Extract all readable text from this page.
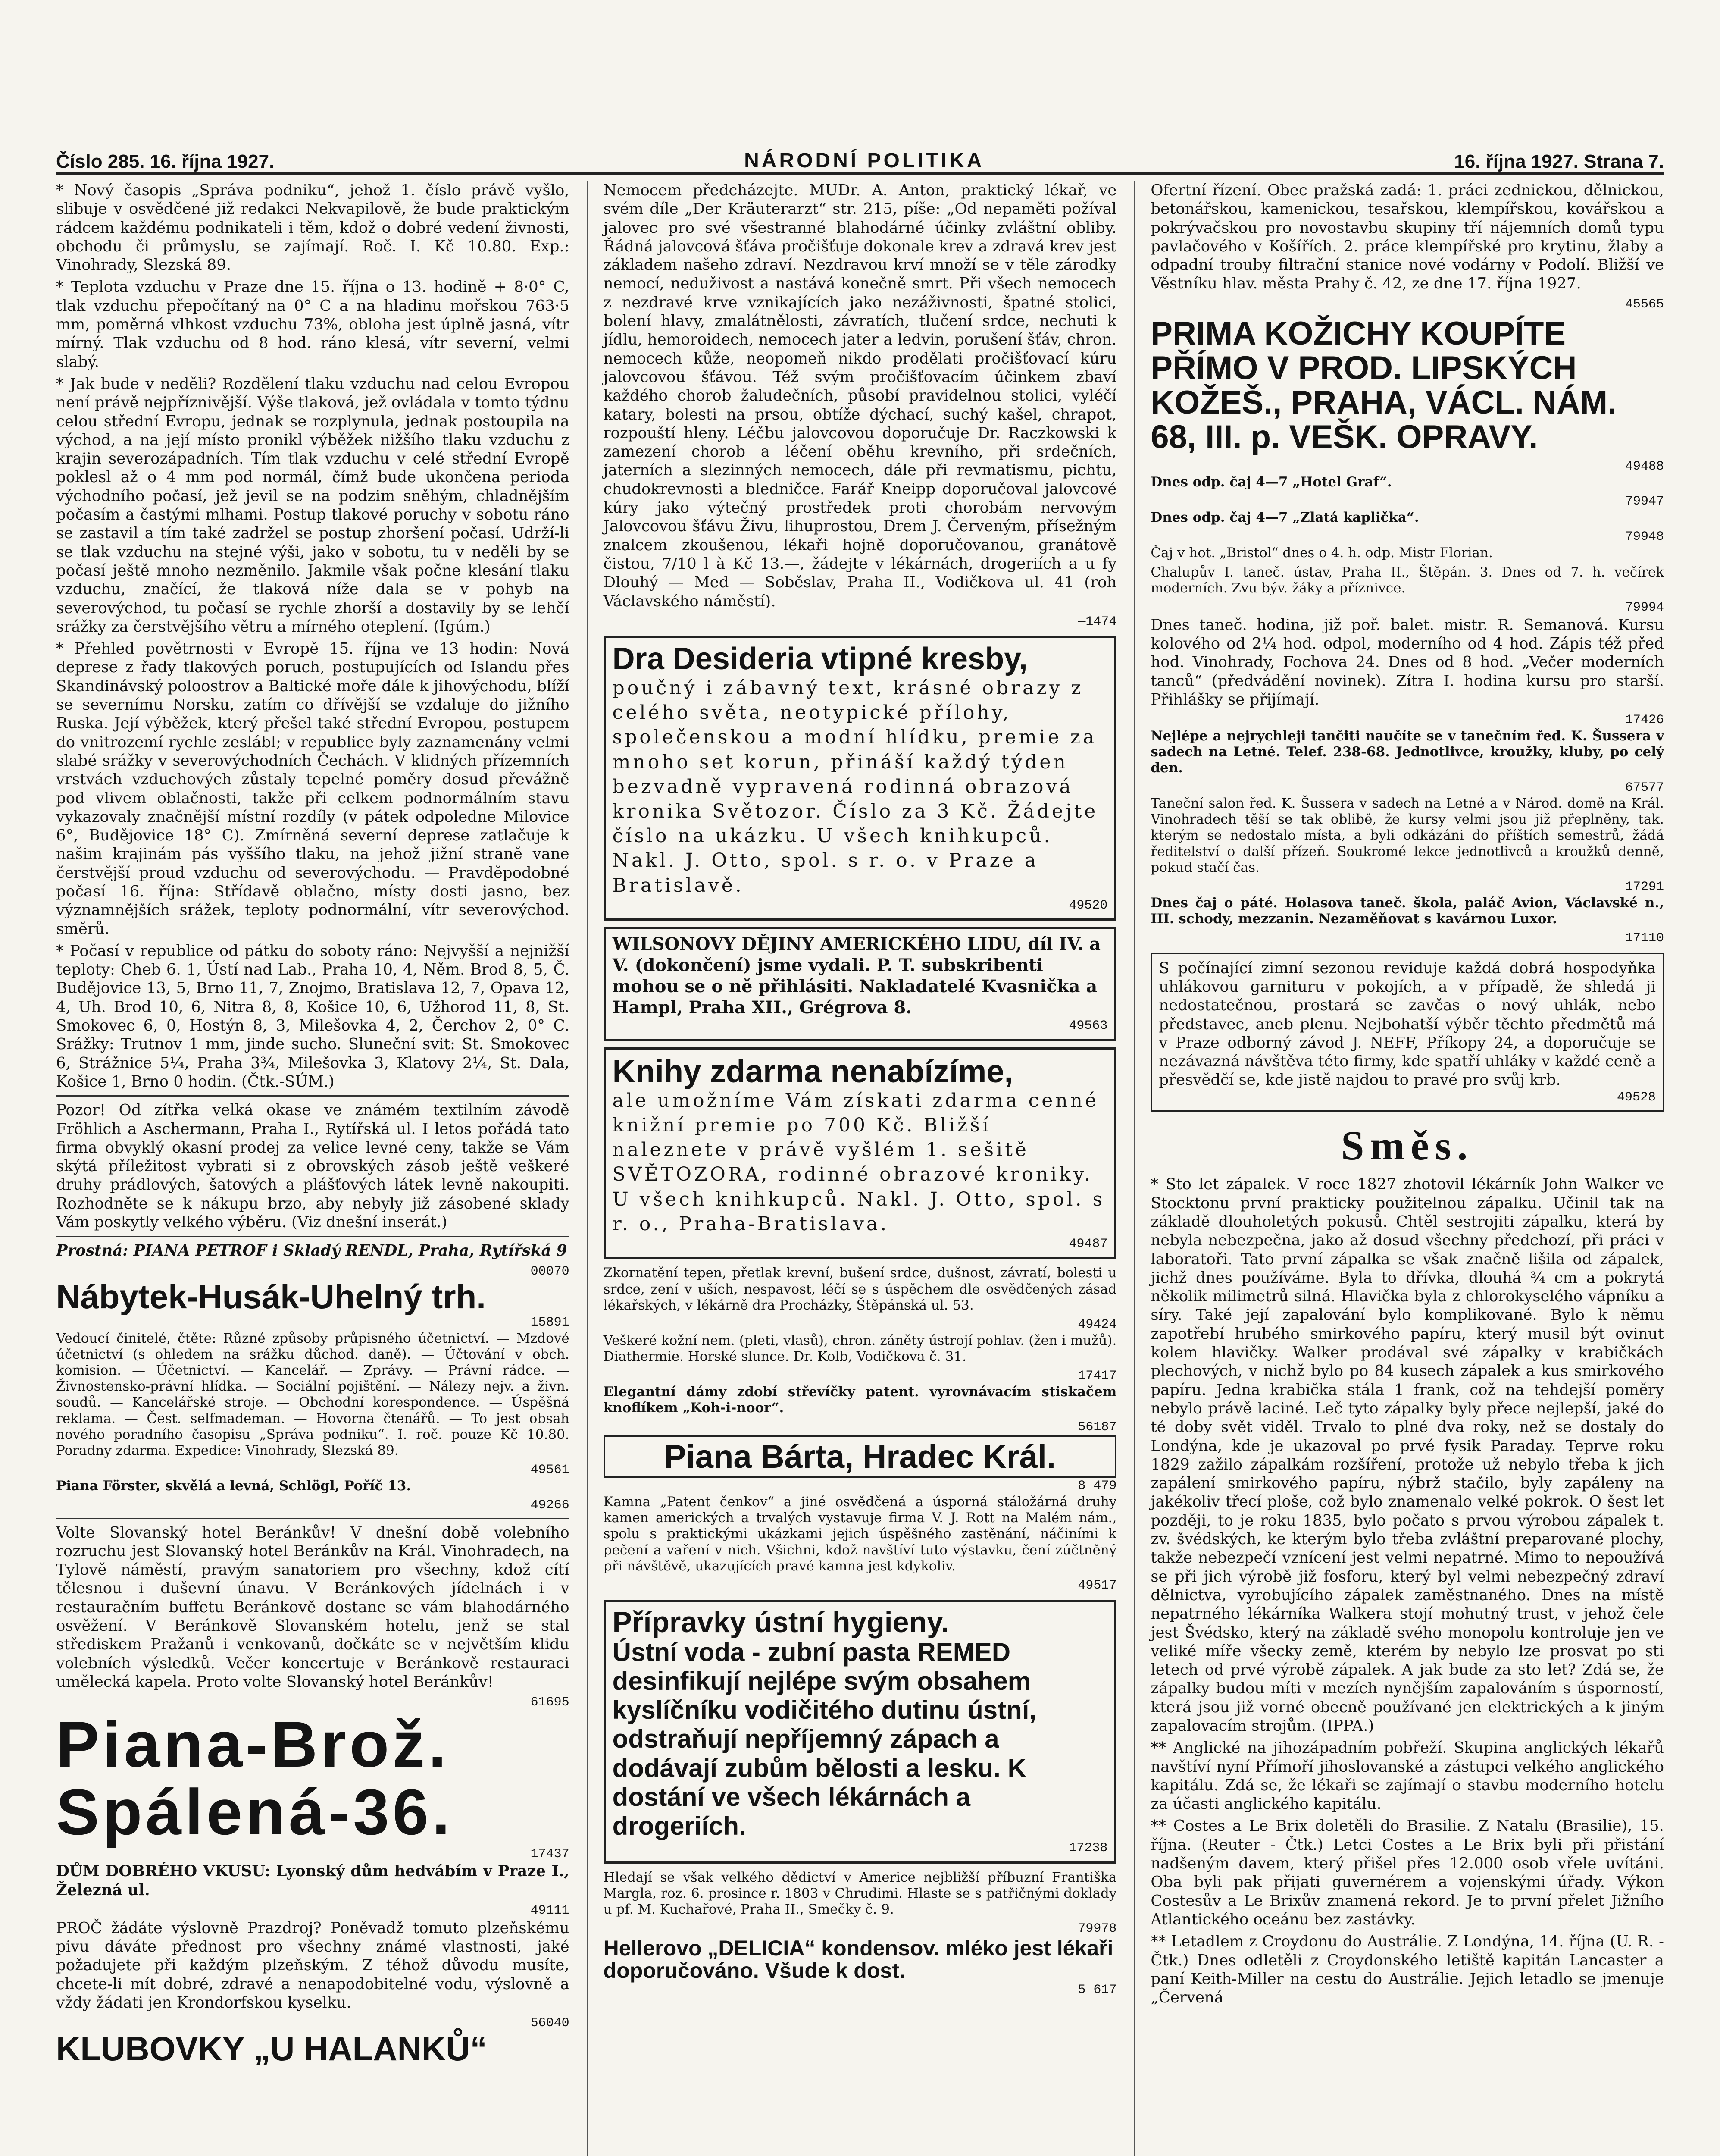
Číslo 285. 16. října 1927.	NÁRODNÍ POLITIKA	16. října 1927. Strana 7.

* Nový časopis „Správa podniku“, jehož 1. číslo právě vyšlo, slibuje v osvědčené již redakci Nekvapilově, že bude praktickým rádcem každému podnikateli i těm, kdož o dobré vedení živnosti, obchodu či průmyslu, se zajímají. Roč. I. Kč 10.80. Exp.: Vinohrady, Slezská 89.

* Teplota vzduchu v Praze dne 15. října o 13. hodině + 8·0° C, tlak vzduchu přepočítaný na 0° C a na hladinu mořskou 763·5 mm, poměrná vlhkost vzduchu 73%, obloha jest úplně jasná, vítr mírný. Tlak vzduchu od 8 hod. ráno klesá, vítr severní, velmi slabý.

* Jak bude v neděli? Rozdělení tlaku vzduchu nad celou Evropou není právě nejpříznivější. Výše tlaková, jež ovládala v tomto týdnu celou střední Evropu, jednak se rozplynula, jednak postoupila na východ, a na její místo pronikl výběžek nižšího tlaku vzduchu z krajin severozápadních. Tím tlak vzduchu v celé střední Evropě poklesl až o 4 mm pod normál, čímž bude ukončena perioda východního počasí, jež jevil se na podzim sněhým, chladnějším počasím a častými mlhami. Postup tlakové poruchy v sobotu ráno se zastavil a tím také zadržel se postup zhoršení počasí. Udrží-li se tlak vzduchu na stejné výši, jako v sobotu, tu v neděli by se počasí ještě mnoho nezměnilo. Jakmile však počne klesání tlaku vzduchu, značící, že tlaková níže dala se v pohyb na severovýchod, tu počasí se rychle zhorší a dostavily by se lehčí srážky za čerstvějšího větru a mírného oteplení. (Igúm.)

* Přehled povětrnosti v Evropě 15. října ve 13 hodin: Nová deprese z řady tlakových poruch, postupujících od Islandu přes Skandinávský poloostrov a Baltické moře dále k jihovýchodu, blíží se severnímu Norsku, zatím co dřívější se vzdaluje do jižního Ruska. Její výběžek, který přešel také střední Evropou, postupem do vnitrozemí rychle zeslábl; v republice byly zaznamenány velmi slabé srážky v severovýchodních Čechách. V klidných přízemních vrstvách vzduchových zůstaly tepelné poměry dosud převážně pod vlivem oblačnosti, takže při celkem podnormálním stavu vykazovaly značnější místní rozdíly (v pátek odpoledne Milovice 6°, Budějovice 18° C). Zmírněná severní deprese zatlačuje k našim krajinám pás vyššího tlaku, na jehož jižní straně vane čerstvější proud vzduchu od severovýchodu. — Pravděpodobné počasí 16. října: Střídavě oblačno, místy dosti jasno, bez významnějších srážek, teploty podnormální, vítr severovýchod. směrů.

* Počasí v republice od pátku do soboty ráno: Nejvyšší a nejnižší teploty: Cheb 6. 1, Ústí nad Lab., Praha 10, 4, Něm. Brod 8, 5, Č. Budějovice 13, 5, Brno 11, 7, Znojmo, Bratislava 12, 7, Opava 12, 4, Uh. Brod 10, 6, Nitra 8, 8, Košice 10, 6, Užhorod 11, 8, St. Smokovec 6, 0, Hostýn 8, 3, Milešovka 4, 2, Čerchov 2, 0° C. Srážky: Trutnov 1 mm, jinde sucho. Sluneční svit: St. Smokovec 6, Strážnice 5¼, Praha 3¾, Milešovka 3, Klatovy 2¼, St. Dala, Košice 1, Brno 0 hodin. (Čtk.-SÚM.)

Pozor! Od zítřka velká okase ve známém textilním závodě Fröhlich a Aschermann, Praha I., Rytířská ul. I letos pořádá tato firma obvyklý okasní prodej za velice levné ceny, takže se Vám skýtá příležitost vybrati si z obrovských zásob ještě veškeré druhy prádlových, šatových a plášťových látek levně nakoupiti. Rozhodněte se k nákupu brzo, aby nebyly již zásobené sklady Vám poskytly velkého výběru. (Viz dnešní inserát.)

Prostná: PIANA PETROF i Skladý RENDL, Praha, Rytířská 9

00070
Nábytek-Husák-Uhelný trh.
15891

Vedoucí činitelé, čtěte: Různé způsoby průpisného účetnictví. — Mzdové účetnictví (s ohledem na srážku důchod. daně). — Účtování v obch. komision. — Účetnictví. — Kancelář. — Zprávy. — Právní rádce. — Živnostensko-právní hlídka. — Sociální pojištění. — Nálezy nejv. a živn. soudů. — Kancelářské stroje. — Obchodní korespondence. — Úspěšná reklama. — Čest. selfmademan. — Hovorna čtenářů. — To jest obsah nového poradního časopisu „Správa podniku“. I. roč. pouze Kč 10.80. Poradny zdarma. Expedice: Vinohrady, Slezská 89.

49561

Piana Förster, skvělá a levná, Schlögl, Poříč 13.

49266

Volte Slovanský hotel Beránkův! V dnešní době volebního rozruchu jest Slovanský hotel Beránkův na Král. Vinohradech, na Tylově náměstí, pravým sanatoriem pro všechny, kdož cítí tělesnou i duševní únavu. V Beránkových jídelnách i v restauračním buffetu Beránkově dostane se vám blahodárného osvěžení. V Beránkově Slovanském hotelu, jenž se stal střediskem Pražanů i venkovanů, dočkáte se v největším klidu volebních výsledků. Večer koncertuje v Beránkově restauraci umělecká kapela. Proto volte Slovanský hotel Beránkův!

61695
Piana-Brož.
Spálená-36.
17437

DŮM DOBRÉHO VKUSU: Lyonský dům hedvábím v Praze I., Železná ul.

49111

PROČ žádáte výslovně Prazdroj? Poněvadž tomuto plzeňskému pivu dáváte přednost pro všechny známé vlastnosti, jaké požadujete při každým plzeňským. Z téhož důvodu musíte, chcete-li mít dobré, zdravé a nenapodobitelné vodu, výslovně a vždy žádati jen Krondorfskou kyselku.

56040
KLUBOVKY „U HALANKŮ“

Nemocem předcházejte. MUDr. A. Anton, praktický lékař, ve svém díle „Der Kräuterarzt“ str. 215, píše: „Od nepaměti požíval jalovec pro své všestranné blahodárné účinky zvláštní obliby. Řádná jalovcová šťáva pročišťuje dokonale krev a zdravá krev jest základem našeho zdraví. Nezdravou krví množí se v těle zárodky nemocí, neduživost a nastává konečně smrt. Při všech nemocech z nezdravé krve vznikajících jako nezáživnosti, špatné stolici, bolení hlavy, zmalátnělosti, závratích, tlučení srdce, nechuti k jídlu, hemoroidech, nemocech jater a ledvin, porušení šťáv, chron. nemocech kůže, neopomeň nikdo prodělati pročišťovací kúru jalovcovou šťávou. Též svým pročišťovacím účinkem zbaví každého chorob žaludečních, působí pravidelnou stolici, vyléčí katary, bolesti na prsou, obtíže dýchací, suchý kašel, chrapot, rozpouští hleny. Léčbu jalovcovou doporučuje Dr. Raczkowski k zamezení chorob a léčení oběhu krevního, při srdečních, jaterních a slezinných nemocech, dále při revmatismu, pichtu, chudokrevnosti a bledničce. Farář Kneipp doporučoval jalovcové kúry jako výtečný prostředek proti chorobám nervovým Jalovcovou šťávu Živu, lihuprostou, Drem J. Červeným, přísežným znalcem zkoušenou, lékaři hojně doporučovanou, granátově čistou, 7/10 l à Kč 13.—, žádejte v lékárnách, drogeriích a u fy Dlouhý — Med — Soběslav, Praha II., Vodičkova ul. 41 (roh Václavského náměstí).

—1474
Dra Desideria vtipné kresby,

poučný i zábavný text, krásné obrazy z celého světa, neotypické přílohy, společenskou a modní hlídku, premie za mnoho set korun, přináší každý týden bezvadně vypravená rodinná obrazová kronika Světozor. Číslo za 3 Kč. Žádejte číslo na ukázku. U všech knihkupců. Nakl. J. Otto, spol. s r. o. v Praze a Bratislavě.

49520

WILSONOVY DĚJINY AMERICKÉHO LIDU, díl IV. a V. (dokončení) jsme vydali. P. T. subskribenti mohou se o ně přihlásiti. Nakladatelé Kvasnička a Hampl, Praha XII., Grégrova 8.

49563
Knihy zdarma nenabízíme,

ale umožníme Vám získati zdarma cenné knižní premie po 700 Kč. Bližší naleznete v právě vyšlém 1. sešitě SVĚTOZORA, rodinné obrazové kroniky. U všech knihkupců. Nakl. J. Otto, spol. s r. o., Praha-Bratislava.

49487

Zkornatění tepen, přetlak krevní, bušení srdce, dušnost, závratí, bolesti u srdce, zení v uších, nespavost, léčí se s úspěchem dle osvědčených zásad lékařských, v lékárně dra Procházky, Štěpánská ul. 53.

49424

Veškeré kožní nem. (pleti, vlasů), chron. záněty ústrojí pohlav. (žen i mužů). Diathermie. Horské slunce. Dr. Kolb, Vodičkova č. 31.

17417

Elegantní dámy zdobí střevíčky patent. vyrovnávacím stiskačem knoflíkem „Koh-i-noor“.

56187
Piana Bárta, Hradec Král.
8 479

Kamna „Patent čenkov“ a jiné osvědčená a úsporná stáložárná druhy kamen amerických a trvalých vystavuje firma V. J. Rott na Malém nám., spolu s praktickými ukázkami jejich úspěšného zastěnání, náčiními k pečení a vaření v nich. Všichni, kdož navštíví tuto výstavku, čení zúčtněný při návštěvě, ukazujících pravé kamna jest kdykoliv.

49517
Přípravky ústní hygieny.

Ústní voda - zubní pasta REMED desinfikují nejlépe svým obsahem kyslíčníku vodičitého dutinu ústní, odstraňují nepříjemný zápach a dodávají zubům bělosti a lesku. K dostání ve všech lékárnách a drogeriích.

17238

Hledají se však velkého dědictví v Americe nejbližší příbuzní Františka Margla, roz. 6. prosince r. 1803 v Chrudimi. Hlaste se s patřičnými doklady u pf. M. Kuchařové, Praha II., Smečky č. 9.

79978
Hellerovo „DELICIA“ kondensov. mléko jest lékaři doporučováno. Všude k dost.
5 617

Ofertní řízení. Obec pražská zadá: 1. práci zednickou, dělnickou, betonářskou, kamenickou, tesařskou, klempířskou, kovářskou a pokrývačskou pro novostavbu skupiny tří nájemních domů typu pavlačového v Košířích. 2. práce klempířské pro krytinu, žlaby a odpadní trouby filtrační stanice nové vodárny v Podolí. Bližší ve Věstníku hlav. města Prahy č. 42, ze dne 17. října 1927.

45565
PRIMA KOŽICHY KOUPÍTE PŘÍMO V PROD. LIPSKÝCH KOŽEŠ., PRAHA, VÁCL. NÁM. 68, III. p. VEŠK. OPRAVY.
49488

Dnes odp. čaj 4—7 „Hotel Graf“.

79947

Dnes odp. čaj 4—7 „Zlatá kaplička“.

79948

Čaj v hot. „Bristol“ dnes o 4. h. odp. Mistr Florian.

Chalupův I. taneč. ústav, Praha II., Štěpán. 3. Dnes od 7. h. večírek moderních. Zvu býv. žáky a příznivce.

79994

Dnes taneč. hodina, již poř. balet. mistr. R. Semanová. Kursu kolového od 2¼ hod. odpol, moderního od 4 hod. Zápis též před hod. Vinohrady, Fochova 24. Dnes od 8 hod. „Večer moderních tanců“ (předvádění novinek). Zítra I. hodina kursu pro starší. Přihlášky se přijímají.

17426

Nejlépe a nejrychleji tančiti naučíte se v tanečním řed. K. Šussera v sadech na Letné. Telef. 238-68. Jednotlivce, kroužky, kluby, po celý den.

67577

Taneční salon řed. K. Šussera v sadech na Letné a v Národ. domě na Král. Vinohradech těší se tak oblibě, že kursy velmi jsou již přeplněny, tak. kterým se nedostalo místa, a byli odkázáni do příštích semestrů, žádá ředitelství o další přízeň. Soukromé lekce jednotlivců a kroužků denně, pokud stačí čas.

17291

Dnes čaj o páté. Holasova taneč. škola, paláč Avion, Václavské n., III. schody, mezzanin. Nezaměňovat s kavárnou Luxor.

17110

S počínající zimní sezonou reviduje každá dobrá hospodyňka uhlákovou garnituru v pokojích, a v případě, že shledá ji nedostatečnou, prostará se zavčas o nový uhlák, nebo představec, aneb plenu. Nejbohatší výběr těchto předmětů má v Praze odborný závod J. NEFF, Příkopy 24, a doporučuje se nezávazná návštěva této firmy, kde spatří uhláky v každé ceně a přesvědčí se, kde jistě najdou to pravé pro svůj krb.

49528
Směs.

* Sto let zápalek. V roce 1827 zhotovil lékárník John Walker ve Stocktonu první prakticky použitelnou zápalku. Učinil tak na základě dlouholetých pokusů. Chtěl sestrojiti zápalku, která by nebyla nebezpečna, jako až dosud všechny předchozí, při práci v laboratoři. Tato první zápalka se však značně lišila od zápalek, jichž dnes používáme. Byla to dřívka, dlouhá ¾ cm a pokrytá několik milimetrů silná. Hlavička byla z chlorokyselého vápníku a síry. Také její zapalování bylo komplikované. Bylo k němu zapotřebí hrubého smirkového papíru, který musil být ovinut kolem hlavičky. Walker prodával své zápalky v krabičkách plechových, v nichž bylo po 84 kusech zápalek a kus smirkového papíru. Jedna krabička stála 1 frank, což na tehdejší poměry nebylo právě laciné. Leč tyto zápalky byly přece nejlepší, jaké do té doby svět viděl. Trvalo to plné dva roky, než se dostaly do Londýna, kde je ukazoval po prvé fysik Paraday. Teprve roku 1829 zažilo zápalkám rozšíření, protože už nebylo třeba k jich zapálení smirkového papíru, nýbrž stačilo, byly zapáleny na jakékoliv třecí ploše, což bylo znamenalo velké pokrok. O šest let později, to je roku 1835, bylo počato s prvou výrobou zápalek t. zv. švédských, ke kterým bylo třeba zvláštní preparované plochy, takže nebezpečí vznícení jest velmi nepatrné. Mimo to nepoužívá se při jich výrobě již fosforu, který byl velmi nebezpečný zdraví dělnictva, vyrobujícího zápalek zaměstnaného. Dnes na místě nepatrného lékárníka Walkera stojí mohutný trust, v jehož čele jest Švédsko, který na základě svého monopolu kontroluje jen ve veliké míře všecky země, kterém by nebylo lze prosvat po sti letech od prvé výrobě zápalek. A jak bude za sto let? Zdá se, že zápalky budou míti v mezích nynějším zapalováním s úsporností, která jsou již vorné obecně používané jen elektrických a k jiným zapalovacím strojům. (IPPA.)

** Anglické na jihozápadním pobřeží. Skupina anglických lékařů navštíví nyní Přímoří jihoslovanské a zástupci velkého anglického kapitálu. Zdá se, že lékaři se zajímají o stavbu moderního hotelu za účasti anglického kapitálu.

** Costes a Le Brix doletěli do Brasilie. Z Natalu (Brasilie), 15. října. (Reuter - Čtk.) Letci Costes a Le Brix byli při přistání nadšeným davem, který přišel přes 12.000 osob vřele uvítáni. Oba byli pak přijati guvernérem a vojenskými úřady. Výkon Costesův a Le Brixův znamená rekord. Je to první přelet Jižního Atlantického oceánu bez zastávky.

** Letadlem z Croydonu do Austrálie. Z Londýna, 14. října (U. R. - Čtk.) Dnes odletěli z Croydonského letiště kapitán Lancaster a paní Keith-Miller na cestu do Austrálie. Jejich letadlo se jmenuje „Červená
